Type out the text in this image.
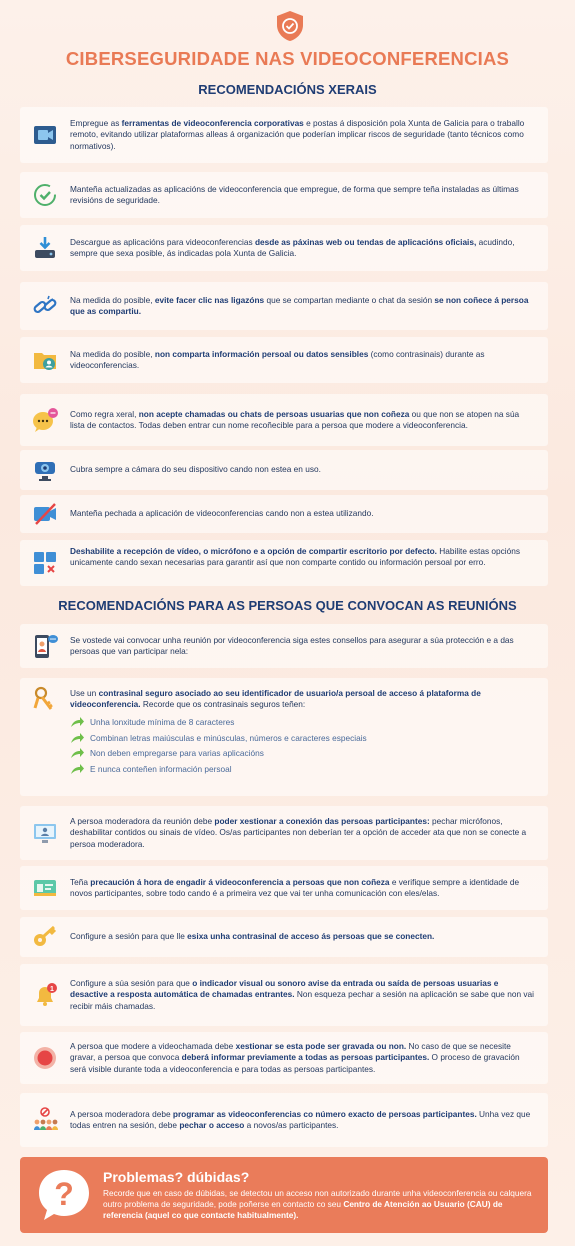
CIBERSEGURIDADE NAS VIDEOCONFERENCIAS
RECOMENDACIÓNS XERAIS
RECOMENDACIÓNS PARA AS PERSOAS QUE CONVOCAN AS REUNIÓNS
Empregue as ferramentas de videoconferencia corporativas e postas á disposición pola Xunta de Galicia para o traballo remoto, evitando utilizar plataformas alleas á organización que poderían implicar riscos de seguridade (tanto técnicos como normativos).
Manteña actualizadas as aplicacións de videoconferencia que empregue, de forma que sempre teña instaladas as últimas revisións de seguridade.
Descargue as aplicacións para videoconferencias desde as páxinas web ou tendas de aplicacións oficiais, acudindo, sempre que sexa posible, ás indicadas pola Xunta de Galicia.
Na medida do posible, evite facer clic nas ligazóns que se compartan mediante o chat da sesión se non coñece á persoa que as compartiu.
Na medida do posible, non comparta información persoal ou datos sensibles (como contrasinais) durante as videoconferencias.
Como regra xeral, non acepte chamadas ou chats de persoas usuarias que non coñeza ou que non se atopen na súa lista de contactos. Todas deben entrar cun nome recoñecible para a persoa que modere a videoconferencia.
Cubra sempre a cámara do seu dispositivo cando non estea en uso.
Manteña pechada a aplicación de videoconferencias cando non a estea utilizando.
Deshabilite a recepción de vídeo, o micrófono e a opción de compartir escritorio por defecto. Habilite estas opcións unicamente cando sexan necesarias para garantir así que non comparte contido ou información persoal por erro.
Se vostede vai convocar unha reunión por videoconferencia siga estes consellos para asegurar a súa protección e a das persoas que van participar nela:
Use un contrasinal seguro asociado ao seu identificador de usuario/a persoal de acceso á plataforma de videoconferencia. Recorde que os contrasinais seguros teñen:
Unha lonxitude mínima de 8 caracteres
Combinan letras maiúsculas e minúsculas, números e caracteres especiais
Non deben empregarse para varias aplicacións
E nunca conteñen información persoal
A persoa moderadora da reunión debe poder xestionar a conexión das persoas participantes: pechar micrófonos, deshabilitar contidos ou sinais de vídeo. Os/as participantes non deberían ter a opción de acceder ata que non se conecte a persoa moderadora.
Teña precaución á hora de engadir á videoconferencia a persoas que non coñeza e verifique sempre a identidade de novos participantes, sobre todo cando é a primeira vez que vai ter unha comunicación con eles/elas.
Configure a sesión para que lle esixa unha contrasinal de acceso ás persoas que se conecten.
1
Configure a súa sesión para que o indicador visual ou sonoro avise da entrada ou saída de persoas usuarias e desactive a resposta automática de chamadas entrantes. Non esqueza pechar a sesión na aplicación se sabe que non vai recibir máis chamadas.
A persoa que modere a videochamada debe xestionar se esta pode ser gravada ou non. No caso de que se necesite gravar, a persoa que convoca deberá informar previamente a todas as persoas participantes. O proceso de gravación será visible durante toda a videoconferencia e para todas as persoas participantes.
A persoa moderadora debe programar as videoconferencias co número exacto de persoas participantes. Unha vez que todas entren na sesión, debe pechar o acceso a novos/as participantes.
? Problemas? dúbidas?
Recorde que en caso de dúbidas, se detectou un acceso non autorizado durante unha videoconferencia ou calquera outro problema de seguridade, pode poñerse en contacto co seu Centro de Atención ao Usuario (CAU) de referencia (aquel co que contacte habitualmente).
